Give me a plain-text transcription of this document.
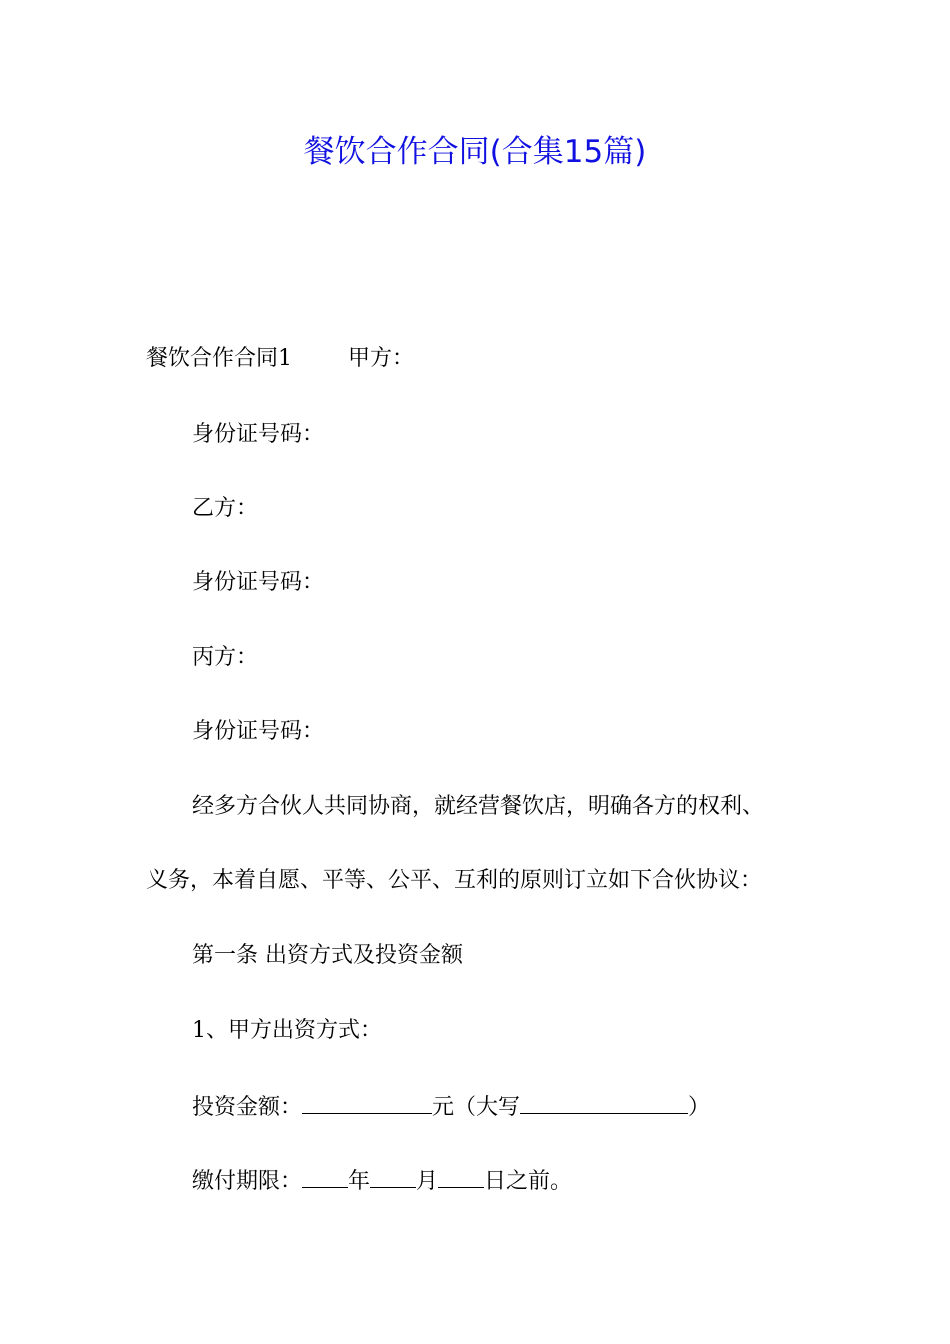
餐饮合作合同(合集15篇)

餐饮合作合同1	甲方：

身份证号码：

乙方：

身份证号码：

丙方：

身份证号码：

经多方合伙人共同协商，就经营餐饮店，明确各方的权利、

义务，本着自愿、平等、公平、互利的原则订立如下合伙协议：

第一条 出资方式及投资金额

1、甲方出资方式：

投资金额：	元（大写	）

缴付期限： 年 月 日之前。
